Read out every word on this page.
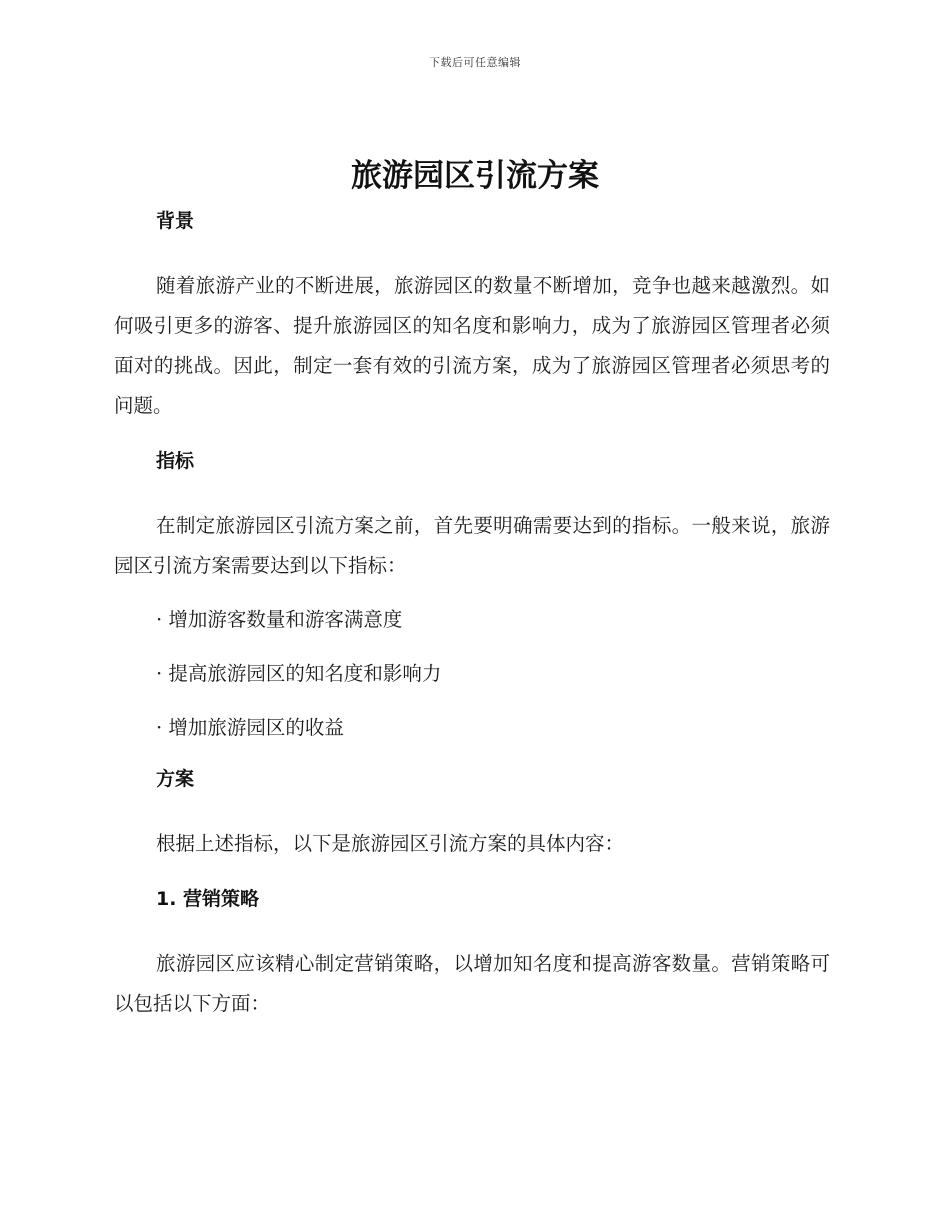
下载后可任意编辑
旅游园区引流方案
背景

随着旅游产业的不断进展，旅游园区的数量不断增加，竞争也越来越激烈。如何吸引更多的游客、提升旅游园区的知名度和影响力，成为了旅游园区管理者必须面对的挑战。因此，制定一套有效的引流方案，成为了旅游园区管理者必须思考的问题。

指标

在制定旅游园区引流方案之前，首先要明确需要达到的指标。一般来说，旅游园区引流方案需要达到以下指标：

· 增加游客数量和游客满意度
· 提高旅游园区的知名度和影响力
· 增加旅游园区的收益
方案

根据上述指标，以下是旅游园区引流方案的具体内容：

1. 营销策略

旅游园区应该精心制定营销策略，以增加知名度和提高游客数量。营销策略可以包括以下方面：
